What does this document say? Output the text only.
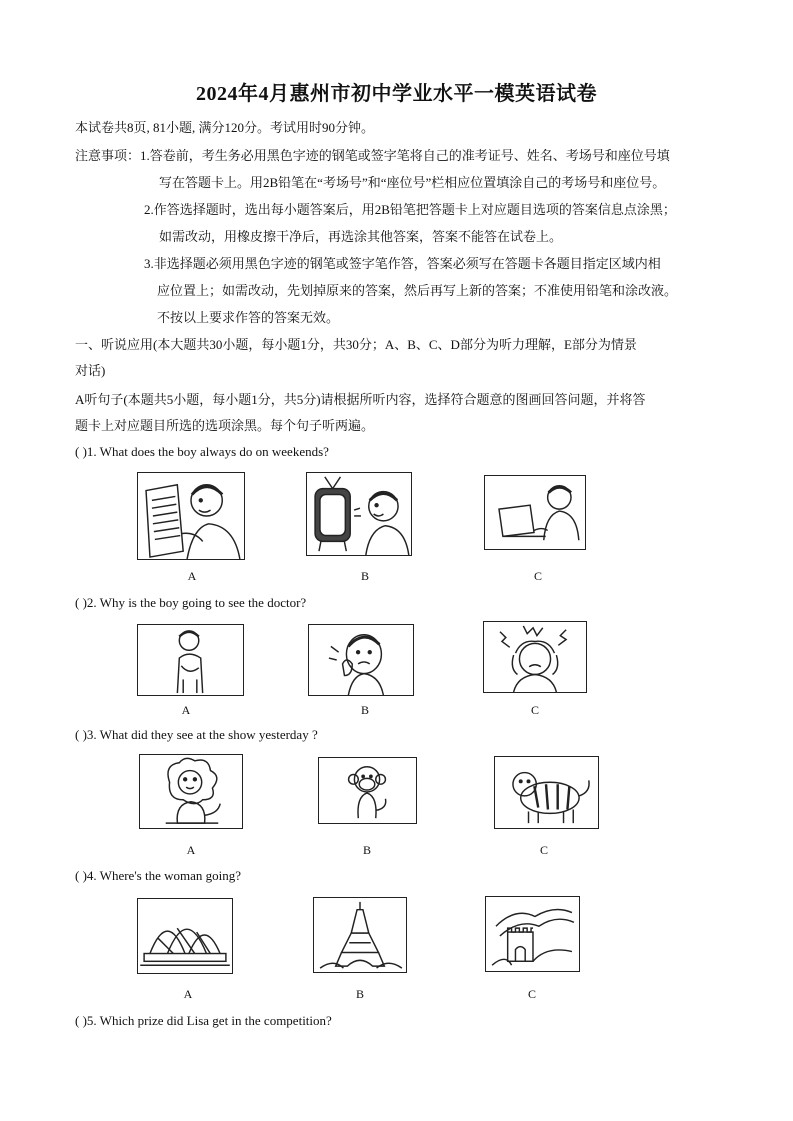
2024年4月惠州市初中学业水平一模英语试卷
本试卷共8页, 81小题, 满分120分。考试用时90分钟。
注意事项：1.答卷前，考生务必用黑色字迹的钢笔或签字笔将自己的准考证号、姓名、考场号和座位号填
写在答题卡上。用2B铅笔在“考场号”和“座位号”栏相应位置填涂自己的考场号和座位号。
2.作答选择题时，选出每小题答案后，用2B铅笔把答题卡上对应题目选项的答案信息点涂黑；
如需改动，用橡皮擦干净后，再选涂其他答案，答案不能答在试卷上。
3.非选择题必须用黑色字迹的钢笔或签字笔作答，答案必须写在答题卡各题目指定区域内相
应位置上；如需改动，先划掉原来的答案，然后再写上新的答案；不准使用铅笔和涂改液。
不按以上要求作答的答案无效。
一、听说应用(本大题共30小题，每小题1分，共30分；A、B、C、D部分为听力理解，E部分为情景
对话)
A听句子(本题共5小题，每小题1分，共5分)请根据所听内容，选择符合题意的图画回答问题，并将答
题卡上对应题目所选的选项涂黑。每个句子听两遍。
( )1. What does the boy always do on weekends?
A	B	C
( )2. Why is the boy going to see the doctor?
A	B	C
( )3. What did they see at the show yesterday ?
A	B	C
( )4. Where's the woman going?
A	B	C
( )5. Which prize did Lisa get in the competition?
